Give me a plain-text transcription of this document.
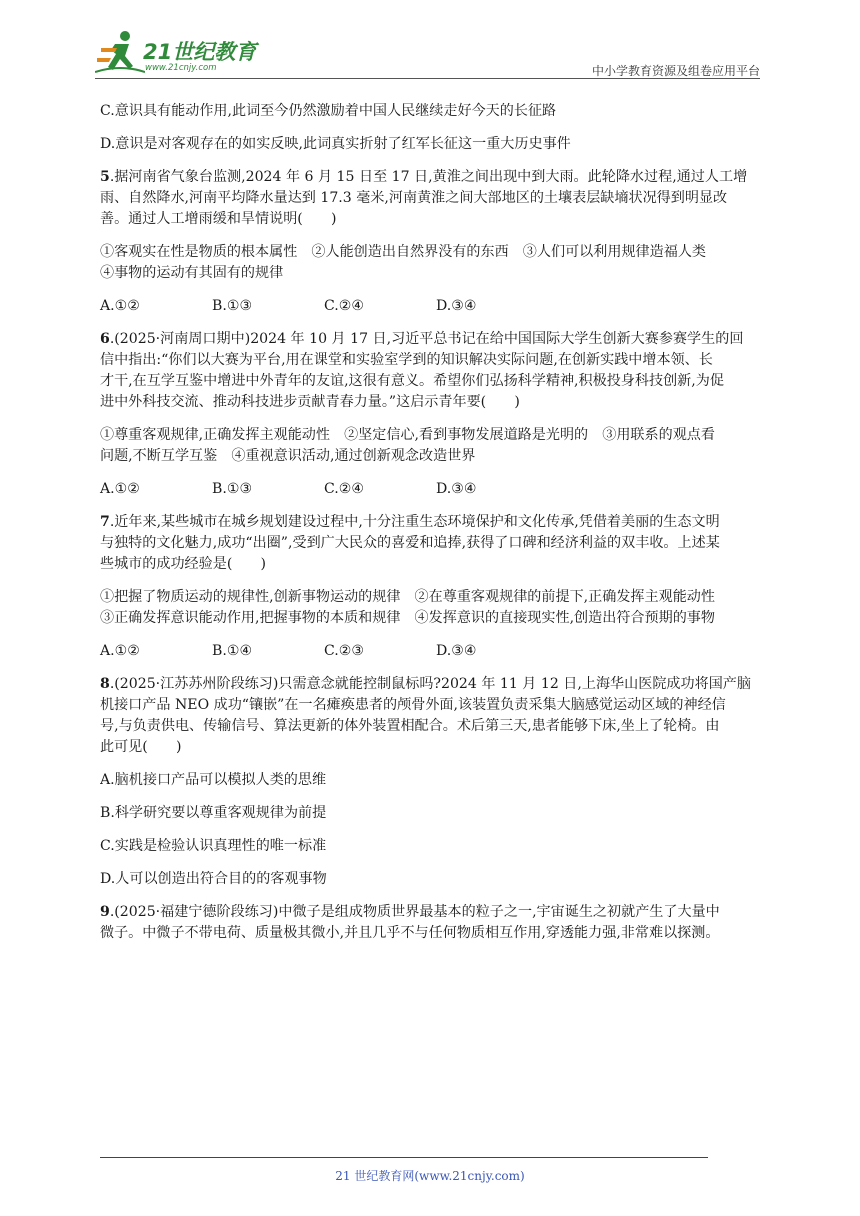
21世纪教育
www.21cnjy.com	中小学教育资源及组卷应用平台

C.意识具有能动作用,此词至今仍然激励着中国人民继续走好今天的长征路

D.意识是对客观存在的如实反映,此词真实折射了红军长征这一重大历史事件

5.据河南省气象台监测,2024 年 6 月 15 日至 17 日,黄淮之间出现中到大雨。此轮降水过程,通过人工增

雨、自然降水,河南平均降水量达到 17.3 毫米,河南黄淮之间大部地区的土壤表层缺墒状况得到明显改

善。通过人工增雨缓和旱情说明(　　)

①客观实在性是物质的根本属性　②人能创造出自然界没有的东西　③人们可以利用规律造福人类

④事物的运动有其固有的规律

A.①②	B.①③	C.②④	D.③④

6.(2025·河南周口期中)2024 年 10 月 17 日,习近平总书记在给中国国际大学生创新大赛参赛学生的回

信中指出:“你们以大赛为平台,用在课堂和实验室学到的知识解决实际问题,在创新实践中增本领、长

才干,在互学互鉴中增进中外青年的友谊,这很有意义。希望你们弘扬科学精神,积极投身科技创新,为促

进中外科技交流、推动科技进步贡献青春力量。”这启示青年要(　　)

①尊重客观规律,正确发挥主观能动性　②坚定信心,看到事物发展道路是光明的　③用联系的观点看

问题,不断互学互鉴　④重视意识活动,通过创新观念改造世界

A.①②	B.①③	C.②④	D.③④

7.近年来,某些城市在城乡规划建设过程中,十分注重生态环境保护和文化传承,凭借着美丽的生态文明

与独特的文化魅力,成功“出圈”,受到广大民众的喜爱和追捧,获得了口碑和经济利益的双丰收。上述某

些城市的成功经验是(　　)

①把握了物质运动的规律性,创新事物运动的规律　②在尊重客观规律的前提下,正确发挥主观能动性

③正确发挥意识能动作用,把握事物的本质和规律　④发挥意识的直接现实性,创造出符合预期的事物

A.①②	B.①④	C.②③	D.③④

8.(2025·江苏苏州阶段练习)只需意念就能控制鼠标吗?2024 年 11 月 12 日,上海华山医院成功将国产脑

机接口产品 NEO 成功“镶嵌”在一名瘫痪患者的颅骨外面,该装置负责采集大脑感觉运动区域的神经信

号,与负责供电、传输信号、算法更新的体外装置相配合。术后第三天,患者能够下床,坐上了轮椅。由

此可见(　　)

A.脑机接口产品可以模拟人类的思维

B.科学研究要以尊重客观规律为前提

C.实践是检验认识真理性的唯一标准

D.人可以创造出符合目的的客观事物

9.(2025·福建宁德阶段练习)中微子是组成物质世界最基本的粒子之一,宇宙诞生之初就产生了大量中

微子。中微子不带电荷、质量极其微小,并且几乎不与任何物质相互作用,穿透能力强,非常难以探测。

21 世纪教育网(www.21cnjy.com)
